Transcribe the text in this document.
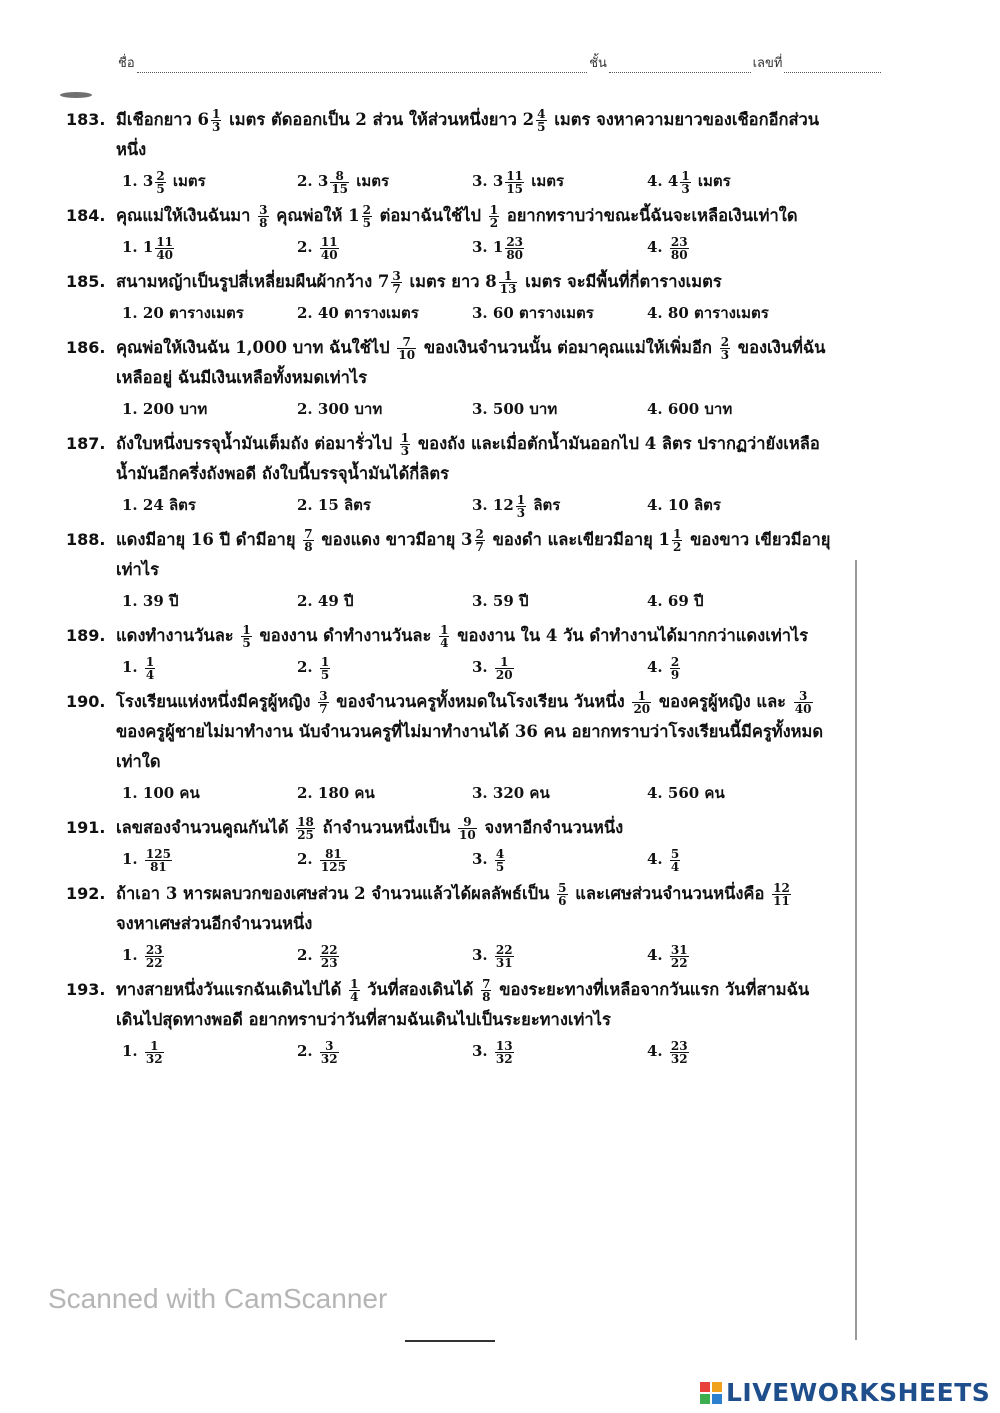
ชื่อ	ชั้น	เลขที่
183. มีเชือกยาว $6 \frac{1}{3}$ เมตร ตัดออกเป็น 2 ส่วน ให้ส่วนหนึ่งยาว $2 \frac{4}{5}$ เมตร จงหาความยาวของเชือกอีกส่วน
หนึ่ง
1. $3 \frac{2}{5}$ เมตร	2. $3 \frac{8}{15}$ เมตร	3. $3 \frac{11}{15}$ เมตร	4. $4 \frac{1}{3}$ เมตร
184. คุณแม่ให้เงินฉันมา $\frac{3}{8}$ คุณพ่อให้ $1 \frac{2}{5}$ ต่อมาฉันใช้ไป $\frac{1}{2}$ อยากทราบว่าขณะนี้ฉันจะเหลือเงินเท่าใด
1. $1 \frac{11}{40}$	2. $\frac{11}{40}$	3. $1 \frac{23}{80}$	4. $\frac{23}{80}$
185. สนามหญ้าเป็นรูปสี่เหลี่ยมผืนผ้ากว้าง $7 \frac{3}{7}$ เมตร ยาว $8 \frac{1}{13}$ เมตร จะมีพื้นที่กี่ตารางเมตร
1. 20 ตารางเมตร	2. 40 ตารางเมตร	3. 60 ตารางเมตร	4. 80 ตารางเมตร
186. คุณพ่อให้เงินฉัน 1,000 บาท ฉันใช้ไป $\frac{7}{10}$ ของเงินจำนวนนั้น ต่อมาคุณแม่ให้เพิ่มอีก $\frac{2}{3}$ ของเงินที่ฉัน
เหลืออยู่ ฉันมีเงินเหลือทั้งหมดเท่าไร
1. 200 บาท	2. 300 บาท	3. 500 บาท	4. 600 บาท
187. ถังใบหนึ่งบรรจุน้ำมันเต็มถัง ต่อมารั่วไป $\frac{1}{3}$ ของถัง และเมื่อตักน้ำมันออกไป 4 ลิตร ปรากฏว่ายังเหลือ
น้ำมันอีกครึ่งถังพอดี ถังใบนี้บรรจุน้ำมันได้กี่ลิตร
1. 24 ลิตร	2. 15 ลิตร	3. $12 \frac{1}{3}$ ลิตร	4. 10 ลิตร
188. แดงมีอายุ 16 ปี ดำมีอายุ $\frac{7}{8}$ ของแดง ขาวมีอายุ $3 \frac{2}{7}$ ของดำ และเขียวมีอายุ $1 \frac{1}{2}$ ของขาว เขียวมีอายุ
เท่าไร
1. 39 ปี	2. 49 ปี	3. 59 ปี	4. 69 ปี
189. แดงทำงานวันละ $\frac{1}{5}$ ของงาน ดำทำงานวันละ $\frac{1}{4}$ ของงาน ใน 4 วัน ดำทำงานได้มากกว่าแดงเท่าไร
1. $\frac{1}{4}$	2. $\frac{1}{5}$	3. $\frac{1}{20}$	4. $\frac{2}{9}$
190. โรงเรียนแห่งหนึ่งมีครูผู้หญิง $\frac{3}{7}$ ของจำนวนครูทั้งหมดในโรงเรียน วันหนึ่ง $\frac{1}{20}$ ของครูผู้หญิง และ $\frac{3}{40}$
ของครูผู้ชายไม่มาทำงาน นับจำนวนครูที่ไม่มาทำงานได้ 36 คน อยากทราบว่าโรงเรียนนี้มีครูทั้งหมด
เท่าใด
1. 100 คน	2. 180 คน	3. 320 คน	4. 560 คน
191. เลขสองจำนวนคูณกันได้ $\frac{18}{25}$ ถ้าจำนวนหนึ่งเป็น $\frac{9}{10}$ จงหาอีกจำนวนหนึ่ง
1. $\frac{125}{81}$	2. $\frac{81}{125}$	3. $\frac{4}{5}$	4. $\frac{5}{4}$
192. ถ้าเอา 3 หารผลบวกของเศษส่วน 2 จำนวนแล้วได้ผลลัพธ์เป็น $\frac{5}{6}$ และเศษส่วนจำนวนหนึ่งคือ $\frac{12}{11}$
จงหาเศษส่วนอีกจำนวนหนึ่ง
1. $\frac{23}{22}$	2. $\frac{22}{23}$	3. $\frac{22}{31}$	4. $\frac{31}{22}$
193. ทางสายหนึ่งวันแรกฉันเดินไปได้ $\frac{1}{4}$ วันที่สองเดินได้ $\frac{7}{8}$ ของระยะทางที่เหลือจากวันแรก วันที่สามฉัน
เดินไปสุดทางพอดี อยากทราบว่าวันที่สามฉันเดินไปเป็นระยะทางเท่าไร
1. $\frac{1}{32}$	2. $\frac{3}{32}$	3. $\frac{13}{32}$	4. $\frac{23}{32}$
Scanned with CamScanner
LIVEWORKSHEETS
